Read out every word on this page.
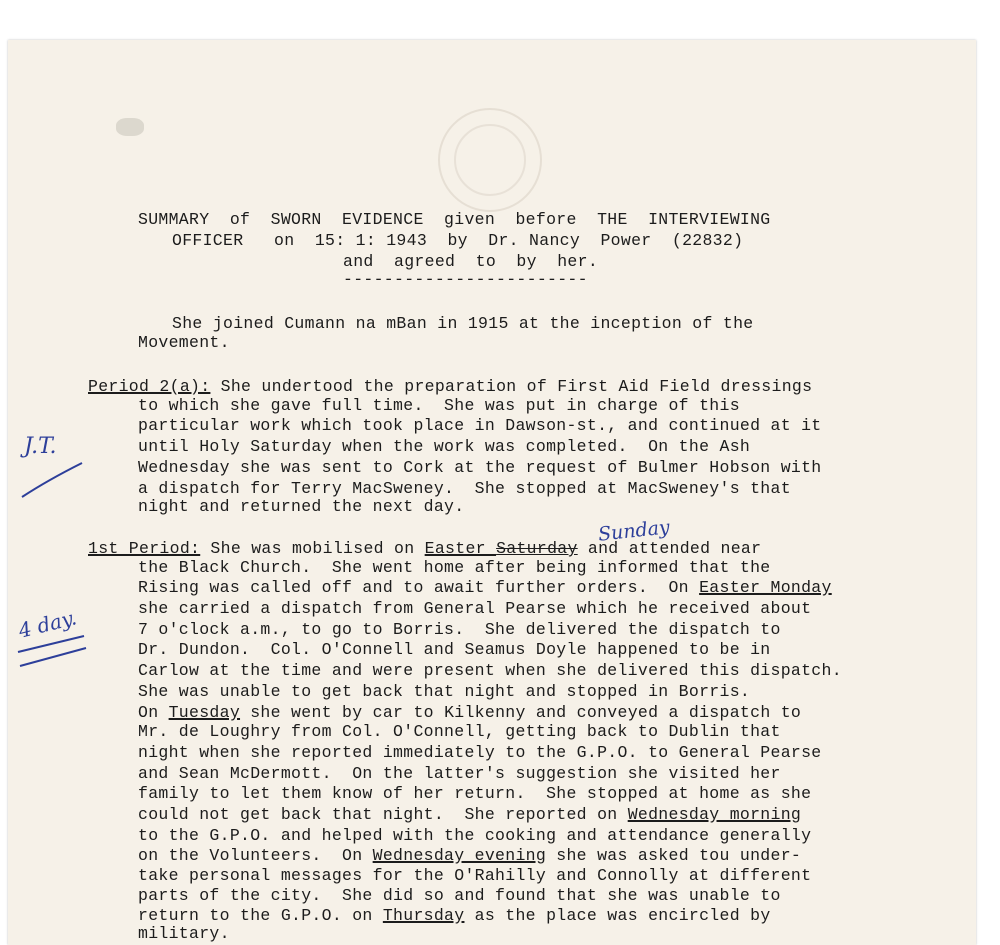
SUMMARY  of  SWORN  EVIDENCE  given  before  THE  INTERVIEWING
OFFICER   on  15: 1: 1943  by  Dr. Nancy  Power  (22832)
and  agreed  to  by  her.
------------------------
She joined Cumann na mBan in 1915 at the inception of the
Movement.
Period 2(a): She undertood the preparation of First Aid Field dressings
to which she gave full time.  She was put in charge of this
particular work which took place in Dawson-st., and continued at it
until Holy Saturday when the work was completed.  On the Ash
Wednesday she was sent to Cork at the request of Bulmer Hobson with
a dispatch for Terry MacSweney.  She stopped at MacSweney's that
night and returned the next day.
1st Period: She was mobilised on Easter Saturday and attended near
the Black Church.  She went home after being informed that the
Rising was called off and to await further orders.  On Easter Monday
she carried a dispatch from General Pearse which he received about
7 o'clock a.m., to go to Borris.  She delivered the dispatch to
Dr. Dundon.  Col. O'Connell and Seamus Doyle happened to be in
Carlow at the time and were present when she delivered this dispatch.
She was unable to get back that night and stopped in Borris.
On Tuesday she went by car to Kilkenny and conveyed a dispatch to
Mr. de Loughry from Col. O'Connell, getting back to Dublin that
night when she reported immediately to the G.P.O. to General Pearse
and Sean McDermott.  On the latter's suggestion she visited her
family to let them know of her return.  She stopped at home as she
could not get back that night.  She reported on Wednesday morning
to the G.P.O. and helped with the cooking and attendance generally
on the Volunteers.  On Wednesday evening she was asked tou under-
take personal messages for the O'Rahilly and Connolly at different
parts of the city.  She did so and found that she was unable to
return to the G.P.O. on Thursday as the place was encircled by
military.
Sunday
J.T.
4 day.
